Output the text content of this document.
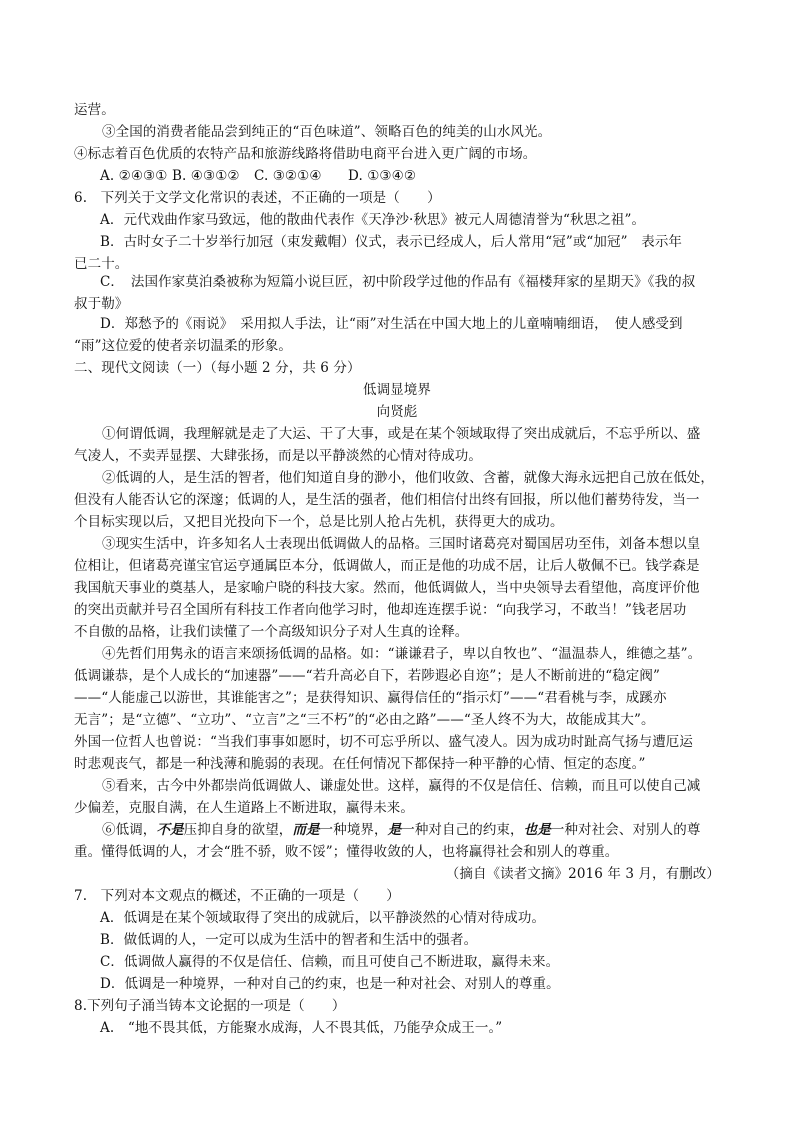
运营。
③全国的消费者能品尝到纯正的“百色味道”、领略百色的纯美的山水风光。
④标志着百色优质的农特产品和旅游线路将借助电商平台进入更广阔的市场。
A. ②④③① B. ④③①② C. ③②①④ D. ①③④②
6.　下列关于文学文化常识的表述，不正确的一项是（　　）
A．元代戏曲作家马致远，他的散曲代表作《天净沙·秋思》被元人周德清誉为“秋思之祖”。
B．古时女子二十岁举行加冠（束发戴帽）仪式，表示已经成人，后人常用“冠”或“加冠”　表示年
已二十。
C．　法国作家莫泊桑被称为短篇小说巨匠，初中阶段学过他的作品有《福楼拜家的星期天》《我的叔
叔于勒》
D．郑愁予的《雨说》　采用拟人手法，让“雨”对生活在中国大地上的儿童喃喃细语，　使人感受到
“雨”这位爱的使者亲切温柔的形象。
二、现代文阅读（一）（每小题 2 分，共 6 分）
低调显境界
向贤彪
①何谓低调，我理解就是走了大运、干了大事，或是在某个领域取得了突出成就后，不忘乎所以、盛
气凌人，不卖弄显摆、大肆张扬，而是以平静淡然的心情对待成功。
②低调的人，是生活的智者，他们知道自身的渺小，他们收敛、含蓄，就像大海永远把自己放在低处，
但没有人能否认它的深邃；低调的人，是生活的强者，他们相信付出终有回报，所以他们蓄势待发，当一
个目标实现以后，又把目光投向下一个，总是比别人抢占先机，获得更大的成功。
③现实生活中，许多知名人士表现出低调做人的品格。三国时诸葛亮对蜀国居功至伟，刘备本想以皇
位相让，但诸葛亮谨宝官运亨通属臣本分，低调做人，而正是他的功成不居，让后人敬佩不已。钱学森是
我国航天事业的奠基人，是家喻户晓的科技大家。然而，他低调做人，当中央领导去看望他，高度评价他
的突出贡献并号召全国所有科技工作者向他学习时，他却连连摆手说：“向我学习，不敢当！”钱老居功
不自傲的品格，让我们读懂了一个高级知识分子对人生真的诠释。
④先哲们用隽永的语言来颂扬低调的品格。如：“谦谦君子，卑以自牧也”、“温温恭人，维德之基”。
低调谦恭，是个人成长的“加速器”——“若升高必自下，若陟遐必自迩”；是人不断前进的“稳定阀”
——“人能虚己以游世，其谁能害之”；是获得知识、赢得信任的“指示灯”——“君看桃与李，成蹊亦
无言”；是“立德”、“立功”、“立言”之“三不朽”的“必由之路”——“圣人终不为大，故能成其大”。
外国一位哲人也曾说：“当我们事事如愿时，切不可忘乎所以、盛气凌人。因为成功时趾高气扬与遭厄运
时悲观丧气，都是一种浅薄和脆弱的表现。在任何情况下都保持一种平静的心情、恒定的态度。”
⑤看来，古今中外都崇尚低调做人、谦虚处世。这样，赢得的不仅是信任、信赖，而且可以使自己减
少偏差，克服自满，在人生道路上不断进取，赢得未来。
⑥低调，不是压抑自身的欲望，而是一种境界，是一种对自己的约束，也是一种对社会、对别人的尊
重。懂得低调的人，才会“胜不骄，败不馁”；懂得收敛的人，也将赢得社会和别人的尊重。
（摘自《读者文摘》2016 年 3 月，有删改）
7.　下列对本文观点的概述，不正确的一项是（　　）
A．低调是在某个领域取得了突出的成就后，以平静淡然的心情对待成功。
B．做低调的人，一定可以成为生活中的智者和生活中的强者。
C．低调做人赢得的不仅是信任、信赖，而且可使自己不断进取，赢得未来。
D．低调是一种境界，一种对自己的约束，也是一种对社会、对别人的尊重。
8.下列句子涌当铸本文论据的一项是（　　）
A.　“地不畏其低，方能聚水成海，人不畏其低，乃能孕众成王一。”
